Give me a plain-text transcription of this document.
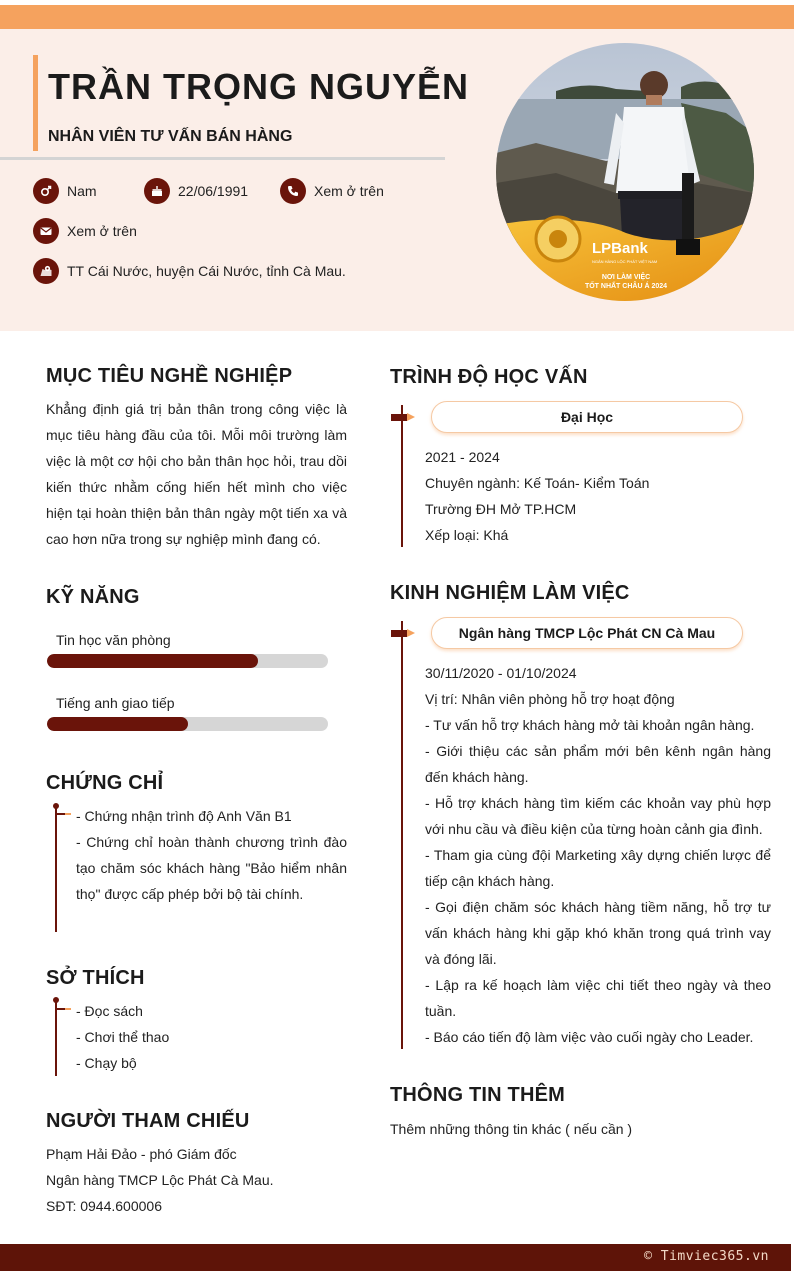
TRẦN TRỌNG NGUYỄN
NHÂN VIÊN TƯ VẤN BÁN HÀNG
Nam	22/06/1991	Xem ở trên
Xem ở trên
TT Cái Nước, huyện Cái Nước, tỉnh Cà Mau.
LPBank
NGÂN HÀNG LỘC PHÁT VIỆT NAM
NƠI LÀM VIỆC
TỐT NHẤT CHÂU Á 2024
MỤC TIÊU NGHỀ NGHIỆP
Khẳng định giá trị bản thân trong công việc là mục tiêu hàng đầu của tôi. Mỗi môi trường làm việc là một cơ hội cho bản thân học hỏi, trau dồi kiến thức nhằm cống hiến hết mình cho việc hiện tại hoàn thiện bản thân ngày một tiến xa và cao hơn nữa trong sự nghiệp mình đang có.
KỸ NĂNG
Tin học văn phòng
Tiếng anh giao tiếp
CHỨNG CHỈ
- Chứng nhận trình độ Anh Văn B1
- Chứng chỉ hoàn thành chương trình đào tạo chăm sóc khách hàng "Bảo hiểm nhân thọ" được cấp phép bởi bộ tài chính.
SỞ THÍCH
- Đọc sách
- Chơi thể thao
- Chạy bộ
NGƯỜI THAM CHIẾU
Phạm Hải Đảo - phó Giám đốc
Ngân hàng TMCP Lộc Phát Cà Mau.
SĐT: 0944.600006
TRÌNH ĐỘ HỌC VẤN
Đại Học
2021 - 2024
Chuyên ngành: Kế Toán- Kiểm Toán
Trường ĐH Mở TP.HCM
Xếp loại: Khá
KINH NGHIỆM LÀM VIỆC
Ngân hàng TMCP Lộc Phát CN Cà Mau
30/11/2020 - 01/10/2024
Vị trí: Nhân viên phòng hỗ trợ hoạt động
- Tư vấn hỗ trợ khách hàng mở tài khoản ngân hàng.
- Giới thiệu các sản phẩm mới bên kênh ngân hàng đến khách hàng.
- Hỗ trợ khách hàng tìm kiếm các khoản vay phù hợp với nhu cầu và điều kiện của từng hoàn cảnh gia đình.
- Tham gia cùng đội Marketing xây dựng chiến lược để tiếp cận khách hàng.
- Gọi điện chăm sóc khách hàng tiềm năng, hỗ trợ tư vấn khách hàng khi gặp khó khăn trong quá trình vay và đóng lãi.
- Lập ra kế hoạch làm việc chi tiết theo ngày và theo tuần.
- Báo cáo tiến độ làm việc vào cuối ngày cho Leader.
THÔNG TIN THÊM
Thêm những thông tin khác ( nếu cần )
© Timviec365.vn
